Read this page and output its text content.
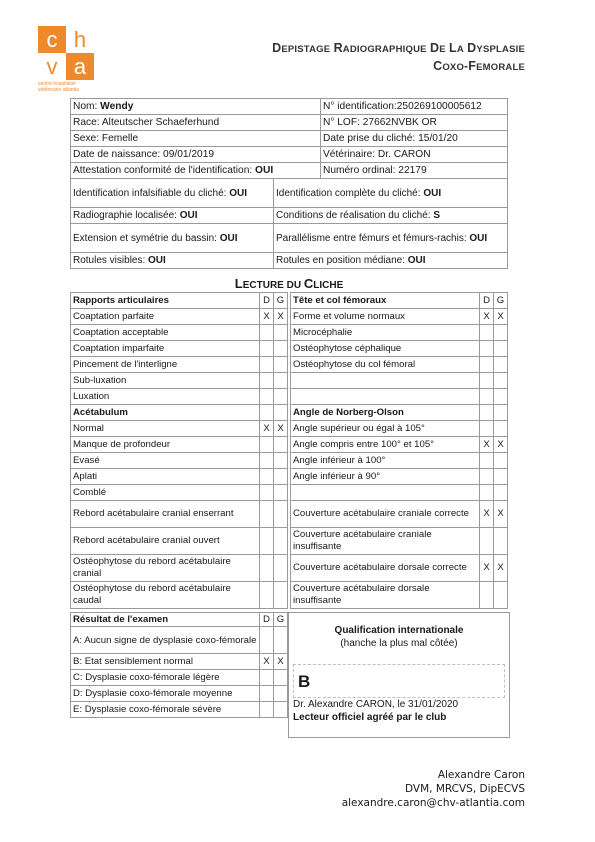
c h
v a
centre hospitalier
vétérinaire atlantia
DEPISTAGE RADIOGRAPHIQUE DE LA DYSPLASIE
COXO-FEMORALE
Nom: Wendy	N° identification:250269100005612
Race: Alteutscher Schaeferhund	N° LOF: 27662NVBK OR
Sexe: Femelle	Date prise du cliché: 15/01/20
Date de naissance: 09/01/2019	Vétérinaire: Dr. CARON
Attestation conformité de l'identification: OUI	Numéro ordinal: 22179
Identification infalsifiable du cliché: OUI	Identification complète du cliché: OUI
Radiographie localisée: OUI	Conditions de réalisation du cliché: S
Extension et symétrie du bassin: OUI	Parallélisme entre fémurs et fémurs-rachis: OUI
Rotules visibles: OUI	Rotules en position médiane: OUI
LECTURE DU CLICHE
Rapports articulaires	D	G		Tête et col fémoraux	D	G
Coaptation parfaite	X	X		Forme et volume normaux	X	X
Coaptation acceptable				Microcéphalie		
Coaptation imparfaite				Ostéophytose céphalique		
Pincement de l'interligne				Ostéophytose du col fémoral		
Sub-luxation						
Luxation						
Acétabulum				Angle de Norberg-Olson		
Normal	X	X		Angle supérieur ou égal à 105°		
Manque de profondeur				Angle compris entre 100° et 105°	X	X
Evasé				Angle inférieur à 100°		
Aplati				Angle inférieur à 90°		
Comblé						
Rebord acétabulaire cranial enserrant				Couverture acétabulaire craniale correcte	X	X
Rebord acétabulaire cranial ouvert				Couverture acétabulaire craniale insuffisante		
Ostéophytose du rebord acétabulaire cranial				Couverture acétabulaire dorsale correcte	X	X
Ostéophytose du rebord acétabulaire caudal				Couverture acétabulaire dorsale insuffisante		
Résultat de l'examen	D	G
A: Aucun signe de dysplasie coxo-fémorale		
B: Etat sensiblement normal	X	X
C: Dysplasie coxo-fémorale légère		
D: Dysplasie coxo-fémorale moyenne		
E: Dysplasie coxo-fémorale sévère		
Qualification internationale
(hanche la plus mal côtée)
B
Dr. Alexandre CARON, le 31/01/2020
Lecteur officiel agréé par le club
Alexandre Caron
DVM, MRCVS, DipECVS
alexandre.caron@chv-atlantia.com
